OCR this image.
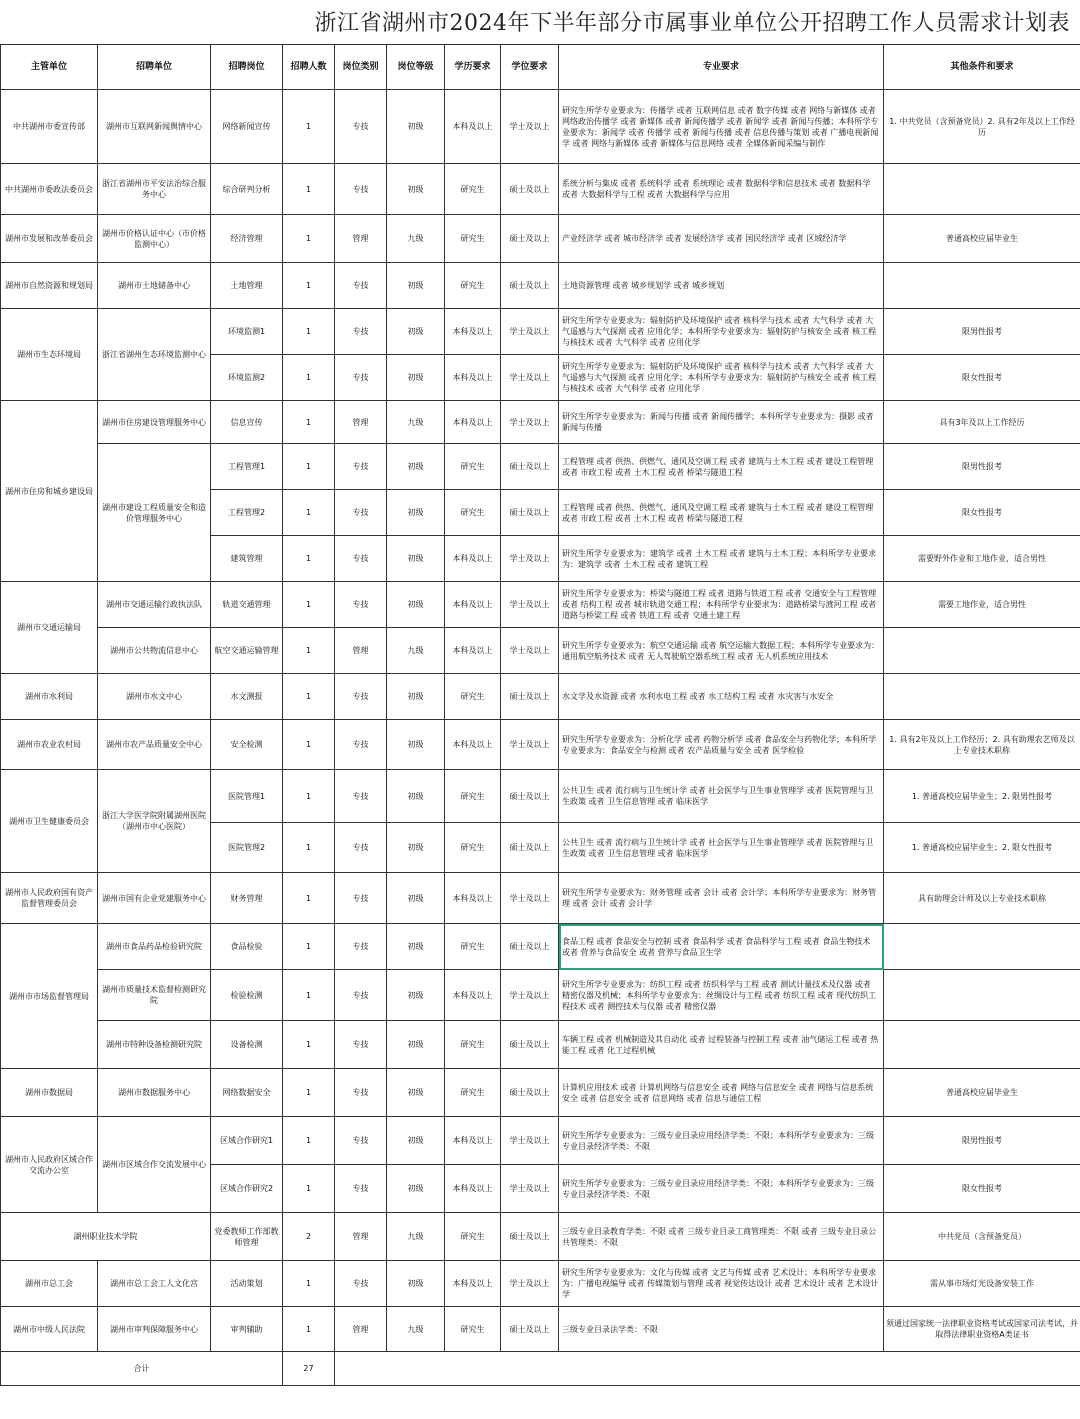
浙江省湖州市2024年下半年部分市属事业单位公开招聘工作人员需求计划表
主管单位	招聘单位	招聘岗位	招聘人数	岗位类别	岗位等级	学历要求	学位要求	专业要求	其他条件和要求
中共湖州市委宣传部	湖州市互联网新闻舆情中心	网络新闻宣传	1	专技	初级	本科及以上	学士及以上	研究生所学专业要求为：传播学 或者 互联网信息 或者 数字传媒 或者 网络与新媒体 或者 网络政治传播学 或者 新媒体 或者 新闻传播学 或者 新闻学 或者 新闻与传播；本科所学专业要求为：新闻学 或者 传播学 或者 新闻与传播 或者 信息传播与策划 或者 广播电视新闻学 或者 网络与新媒体 或者 新媒体与信息网络 或者 全媒体新闻采编与制作	1. 中共党员（含预备党员）2. 具有2年及以上工作经历
中共湖州市委政法委员会	浙江省湖州市平安法治综合服务中心	综合研判分析	1	专技	初级	研究生	硕士及以上	系统分析与集成 或者 系统科学 或者 系统理论 或者 数据科学和信息技术 或者 数据科学 或者 大数据科学与工程 或者 大数据科学与应用	
湖州市发展和改革委员会	湖州市价格认证中心（市价格监测中心）	经济管理	1	管理	九级	研究生	硕士及以上	产业经济学 或者 城市经济学 或者 发展经济学 或者 国民经济学 或者 区域经济学	普通高校应届毕业生
湖州市自然资源和规划局	湖州市土地储备中心	土地管理	1	专技	初级	研究生	硕士及以上	土地资源管理 或者 城乡规划学 或者 城乡规划	
湖州市生态环境局	浙江省湖州生态环境监测中心	环境监测1	1	专技	初级	本科及以上	学士及以上	研究生所学专业要求为：辐射防护及环境保护 或者 核科学与技术 或者 大气科学 或者 大气遥感与大气探测 或者 应用化学；本科所学专业要求为：辐射防护与核安全 或者 核工程与核技术 或者 大气科学 或者 应用化学	限男性报考
		环境监测2	1	专技	初级	本科及以上	学士及以上	研究生所学专业要求为：辐射防护及环境保护 或者 核科学与技术 或者 大气科学 或者 大气遥感与大气探测 或者 应用化学；本科所学专业要求为：辐射防护与核安全 或者 核工程与核技术 或者 大气科学 或者 应用化学	限女性报考
湖州市住房和城乡建设局	湖州市住房建设管理服务中心	信息宣传	1	管理	九级	本科及以上	学士及以上	研究生所学专业要求为：新闻与传播 或者 新闻传播学；本科所学专业要求为：摄影 或者 新闻与传播	具有3年及以上工作经历
	湖州市建设工程质量安全和造价管理服务中心	工程管理1	1	专技	初级	研究生	硕士及以上	工程管理 或者 供热、供燃气、通风及空调工程 或者 建筑与土木工程 或者 建设工程管理 或者 市政工程 或者 土木工程 或者 桥梁与隧道工程	限男性报考
		工程管理2	1	专技	初级	研究生	硕士及以上	工程管理 或者 供热、供燃气、通风及空调工程 或者 建筑与土木工程 或者 建设工程管理 或者 市政工程 或者 土木工程 或者 桥梁与隧道工程	限女性报考
		建筑管理	1	专技	初级	本科及以上	学士及以上	研究生所学专业要求为：建筑学 或者 土木工程 或者 建筑与土木工程；本科所学专业要求为：建筑学 或者 土木工程 或者 建筑工程	需要野外作业和工地作业，适合男性
湖州市交通运输局	湖州市交通运输行政执法队	轨道交通管理	1	专技	初级	本科及以上	学士及以上	研究生所学专业要求为：桥梁与隧道工程 或者 道路与铁道工程 或者 交通安全与工程管理 或者 结构工程 或者 城市轨道交通工程；本科所学专业要求为：道路桥梁与渡河工程 或者 道路与桥梁工程 或者 铁道工程 或者 交通土建工程	需要工地作业，适合男性
	湖州市公共物流信息中心	航空交通运输管理	1	管理	九级	本科及以上	学士及以上	研究生所学专业要求为：航空交通运输 或者 航空运输大数据工程；本科所学专业要求为：通用航空航务技术 或者 无人驾驶航空器系统工程 或者 无人机系统应用技术	
湖州市水利局	湖州市水文中心	水文测报	1	专技	初级	研究生	硕士及以上	水文学及水资源 或者 水利水电工程 或者 水工结构工程 或者 水灾害与水安全	
湖州市农业农村局	湖州市农产品质量安全中心	安全检测	1	专技	初级	本科及以上	学士及以上	研究生所学专业要求为：分析化学 或者 药物分析学 或者 食品安全与药物化学；本科所学专业要求为：食品安全与检测 或者 农产品质量与安全 或者 医学检验	1. 具有2年及以上工作经历；2. 具有助理农艺师及以上专业技术职称
湖州市卫生健康委员会	浙江大学医学院附属湖州医院（湖州市中心医院）	医院管理1	1	专技	初级	研究生	硕士及以上	公共卫生 或者 流行病与卫生统计学 或者 社会医学与卫生事业管理学 或者 医院管理与卫生政策 或者 卫生信息管理 或者 临床医学	1. 普通高校应届毕业生；2. 限男性报考
		医院管理2	1	专技	初级	研究生	硕士及以上	公共卫生 或者 流行病与卫生统计学 或者 社会医学与卫生事业管理学 或者 医院管理与卫生政策 或者 卫生信息管理 或者 临床医学	1. 普通高校应届毕业生；2. 限女性报考
湖州市人民政府国有资产监督管理委员会	湖州市国有企业党建服务中心	财务管理	1	专技	初级	本科及以上	学士及以上	研究生所学专业要求为：财务管理 或者 会计 或者 会计学；本科所学专业要求为：财务管理 或者 会计 或者 会计学	具有助理会计师及以上专业技术职称
湖州市市场监督管理局	湖州市食品药品检验研究院	食品检验	1	专技	初级	研究生	硕士及以上	食品工程 或者 食品安全与控制 或者 食品科学 或者 食品科学与工程 或者 食品生物技术 或者 营养与食品安全 或者 营养与食品卫生学	
	湖州市质量技术监督检测研究院	检验检测	1	专技	初级	本科及以上	学士及以上	研究生所学专业要求为：纺织工程 或者 纺织科学与工程 或者 测试计量技术及仪器 或者 精密仪器及机械；本科所学专业要求为：丝绸设计与工程 或者 纺织工程 或者 现代纺织工程技术 或者 测控技术与仪器 或者 精密仪器	
	湖州市特种设备检测研究院	设备检测	1	专技	初级	研究生	硕士及以上	车辆工程 或者 机械制造及其自动化 或者 过程装备与控制工程 或者 油气储运工程 或者 热能工程 或者 化工过程机械	
湖州市数据局	湖州市数据服务中心	网络数据安全	1	专技	初级	研究生	硕士及以上	计算机应用技术 或者 计算机网络与信息安全 或者 网络与信息安全 或者 网络与信息系统安全 或者 信息安全 或者 信息网络 或者 信息与通信工程	普通高校应届毕业生
湖州市人民政府区域合作交流办公室	湖州市区域合作交流发展中心	区域合作研究1	1	专技	初级	本科及以上	学士及以上	研究生所学专业要求为：三级专业目录应用经济学类：不限；本科所学专业要求为：三级专业目录经济学类：不限	限男性报考
		区域合作研究2	1	专技	初级	本科及以上	学士及以上	研究生所学专业要求为：三级专业目录应用经济学类：不限；本科所学专业要求为：三级专业目录经济学类：不限	限女性报考
湖州职业技术学院		党委教师工作部教师管理	2	管理	九级	研究生	硕士及以上	三级专业目录教育学类：不限 或者 三级专业目录工商管理类：不限 或者 三级专业目录公共管理类：不限	中共党员（含预备党员）
湖州市总工会	湖州市总工会工人文化宫	活动策划	1	专技	初级	本科及以上	学士及以上	研究生所学专业要求为：文化与传媒 或者 文艺与传媒 或者 艺术设计；本科所学专业要求为：广播电视编导 或者 传媒策划与管理 或者 视觉传达设计 或者 艺术设计 或者 艺术设计学	需从事市场灯光设备安装工作
湖州市中级人民法院	湖州市审判保障服务中心	审判辅助	1	管理	九级	研究生	硕士及以上	三级专业目录法学类：不限	须通过国家统一法律职业资格考试或国家司法考试，并取得法律职业资格A类证书
合计			27						
